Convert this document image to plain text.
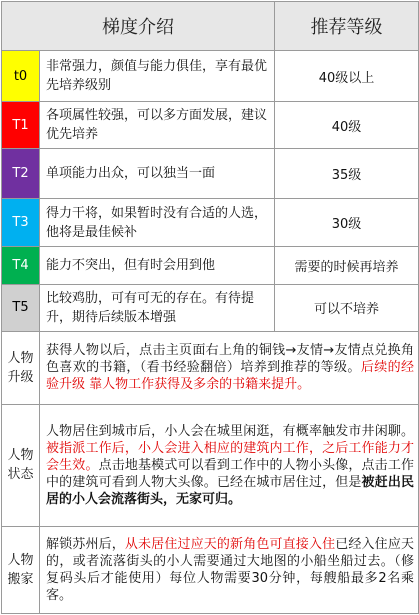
梯度介绍		推荐等级
t0	非常强力，颜值与能力俱佳，享有最优先培养级别	40级以上
T1	各项属性较强，可以多方面发展，建议优先培养	40级
T2	单项能力出众，可以独当一面	35级
T3	得力干将，如果暂时没有合适的人选，他将是最佳候补	30级
T4	能力不突出，但有时会用到他	需要的时候再培养
T5	比较鸡肋，可有可无的存在。有待提升，期待后续版本增强	可以不培养

人物
升级	获得人物以后，点击主页面右上角的铜钱→友情→友情点兑换角色喜欢的书籍，（看书经验翻倍）培养到推荐的等级。后续的经验升级 靠人物工作获得及多余的书籍来提升。	

人物
状态	人物居住到城市后，小人会在城里闲逛，有概率触发市井闲聊。被指派工作后，小人会进入相应的建筑内工作，之后工作能力才会生效。点击地基模式可以看到工作中的人物小头像，点击工作中的建筑可看到人物大头像。已经在城市居住过，但是被赶出民居的小人会流落街头，无家可归。	

人物
搬家	解锁苏州后，从未居住过应天的新角色可直接入住已经入住应天的，或者流落街头的小人需要通过大地图的小船坐船过去。（修复码头后才能使用）每位人物需要30分钟，每艘船最多2名乘客。	
